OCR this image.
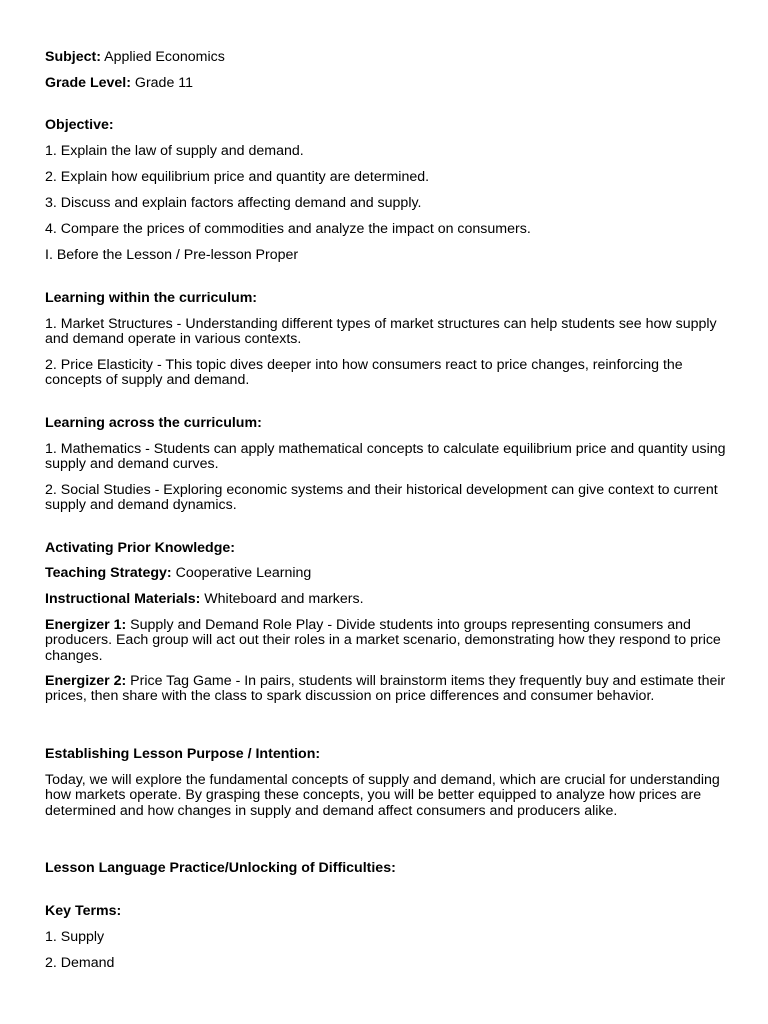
Subject: Applied Economics

Grade Level: Grade 11

Objective:

1. Explain the law of supply and demand.

2. Explain how equilibrium price and quantity are determined.

3. Discuss and explain factors affecting demand and supply.

4. Compare the prices of commodities and analyze the impact on consumers.

I. Before the Lesson / Pre-lesson Proper

Learning within the curriculum:

1. Market Structures - Understanding different types of market structures can help students see how supply and demand operate in various contexts.

2. Price Elasticity - This topic dives deeper into how consumers react to price changes, reinforcing the concepts of supply and demand.

Learning across the curriculum:

1. Mathematics - Students can apply mathematical concepts to calculate equilibrium price and quantity using supply and demand curves.

2. Social Studies - Exploring economic systems and their historical development can give context to current supply and demand dynamics.

Activating Prior Knowledge:

Teaching Strategy: Cooperative Learning

Instructional Materials: Whiteboard and markers.

Energizer 1: Supply and Demand Role Play - Divide students into groups representing consumers and producers. Each group will act out their roles in a market scenario, demonstrating how they respond to price changes.

Energizer 2: Price Tag Game - In pairs, students will brainstorm items they frequently buy and estimate their prices, then share with the class to spark discussion on price differences and consumer behavior.

Establishing Lesson Purpose / Intention:

Today, we will explore the fundamental concepts of supply and demand, which are crucial for understanding how markets operate. By grasping these concepts, you will be better equipped to analyze how prices are determined and how changes in supply and demand affect consumers and producers alike.

Lesson Language Practice/Unlocking of Difficulties:

Key Terms:

1. Supply

2. Demand
